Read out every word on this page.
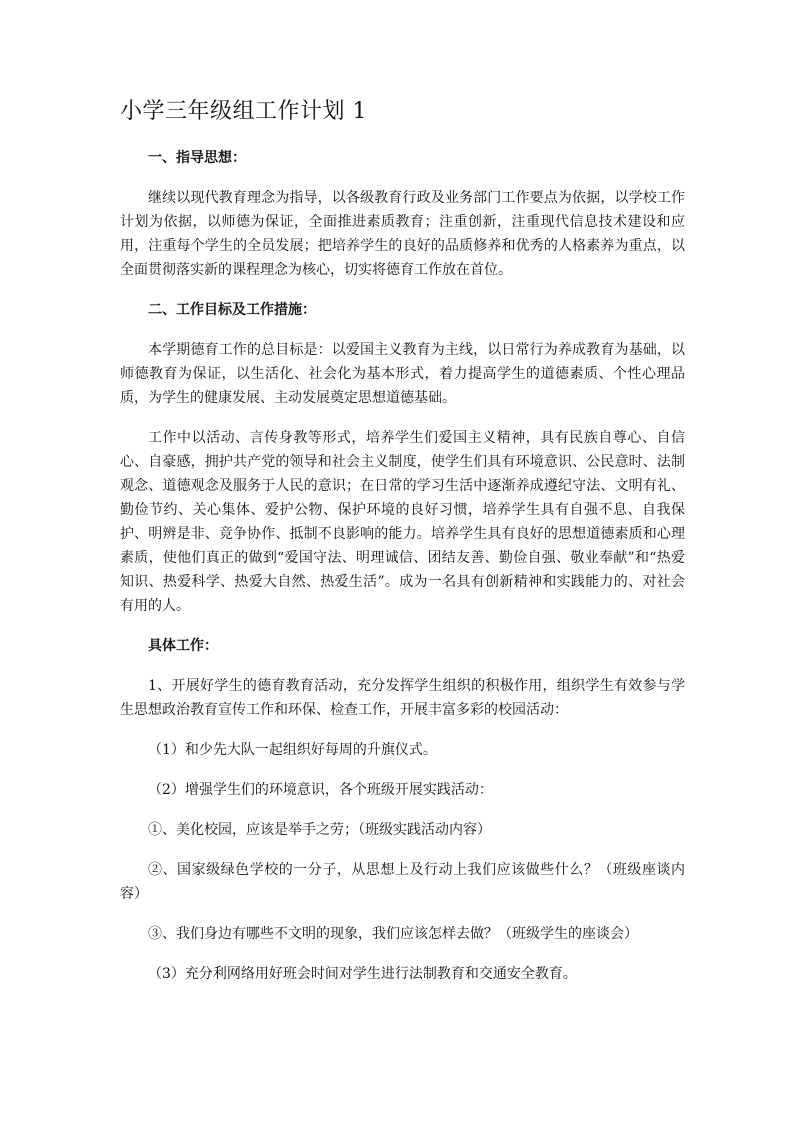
小学三年级组工作计划 1
一、指导思想：

继续以现代教育理念为指导，以各级教育行政及业务部门工作要点为依据，以学校工作计划为依据，以师德为保证，全面推进素质教育；注重创新，注重现代信息技术建设和应用，注重每个学生的全员发展；把培养学生的良好的品质修养和优秀的人格素养为重点，以全面贯彻落实新的课程理念为核心，切实将德育工作放在首位。

二、工作目标及工作措施：

本学期德育工作的总目标是：以爱国主义教育为主线，以日常行为养成教育为基础，以师德教育为保证，以生活化、社会化为基本形式，着力提高学生的道德素质、个性心理品质，为学生的健康发展、主动发展奠定思想道德基础。

工作中以活动、言传身教等形式，培养学生们爱国主义精神，具有民族自尊心、自信心、自豪感，拥护共产党的领导和社会主义制度，使学生们具有环境意识、公民意时、法制观念、道德观念及服务于人民的意识；在日常的学习生活中逐渐养成遵纪守法、文明有礼、勤俭节约、关心集体、爱护公物、保护环境的良好习惯，培养学生具有自强不息、自我保护、明辨是非、竞争协作、抵制不良影响的能力。培养学生具有良好的思想道德素质和心理素质，使他们真正的做到“爱国守法、明理诚信、团结友善、勤俭自强、敬业奉献”和“热爱知识、热爱科学、热爱大自然、热爱生活”。成为一名具有创新精神和实践能力的、对社会有用的人。

具体工作：

1、开展好学生的德育教育活动，充分发挥学生组织的积极作用，组织学生有效参与学生思想政治教育宣传工作和环保、检查工作，开展丰富多彩的校园活动：

（1）和少先大队一起组织好每周的升旗仪式。

（2）增强学生们的环境意识，各个班级开展实践活动：

①、美化校园，应该是举手之劳；（班级实践活动内容）

②、国家级绿色学校的一分子，从思想上及行动上我们应该做些什么？（班级座谈内容）

③、我们身边有哪些不文明的现象，我们应该怎样去做？（班级学生的座谈会）

（3）充分利网络用好班会时间对学生进行法制教育和交通安全教育。
